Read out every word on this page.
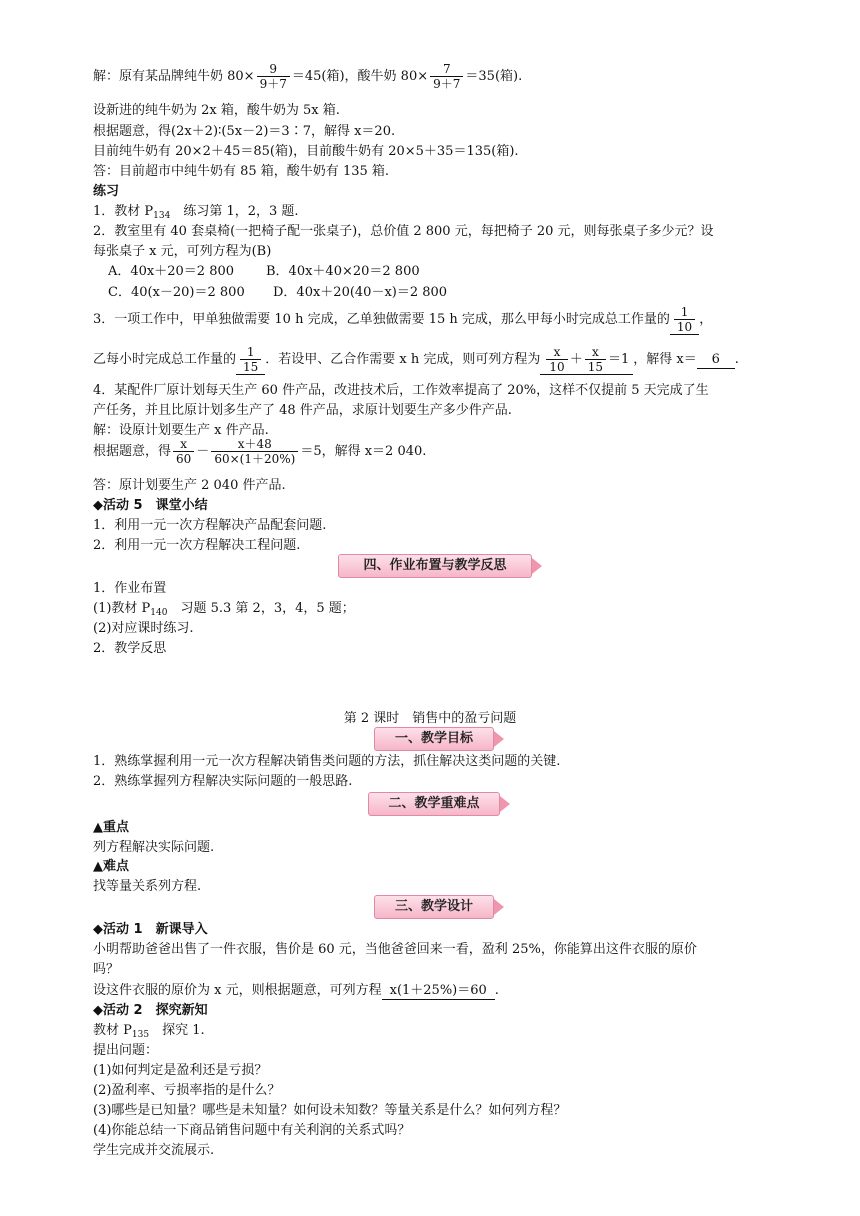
解：原有某品牌纯牛奶 $80\times \frac{9}{9+7} =45$(箱)，酸牛奶 $80\times \frac{7}{9+7} =35$(箱).
设新进的纯牛奶为 2x 箱，酸牛奶为 5x 箱.
根据题意，得(2x＋2)∶(5x－2)＝3∶7，解得 x＝20.
目前纯牛奶有 20×2＋45＝85(箱)，目前酸牛奶有 20×5＋35＝135(箱).
答：目前超市中纯牛奶有 85 箱，酸牛奶有 135 箱.
练习
1．教材 $P_{134}$　练习第 1，2，3 题.
2．教室里有 40 套桌椅(一把椅子配一张桌子)，总价值 2 800 元，每把椅子 20 元，则每张桌子多少元？设
每张桌子 x 元，可列方程为(B)
A．40x＋20＝2 800 B．40x＋40×20＝2 800
C．40(x－20)＝2 800 D．40x＋20(40－x)＝2 800
3．一项工作中，甲单独做需要 10 h 完成，乙单独做需要 15 h 完成，那么甲每小时完成总工作量的 $\frac{1}{10}$ ，
乙每小时完成总工作量的 $\frac{1}{15}$ ．若设甲、乙合作需要 x h 完成，则可列方程为 $\frac{x}{10} + \frac{x}{15} =1$ ，解得 x＝ 6 .
4．某配件厂原计划每天生产 60 件产品，改进技术后，工作效率提高了 20%，这样不仅提前 5 天完成了生
产任务，并且比原计划多生产了 48 件产品，求原计划要生产多少件产品.
解：设原计划要生产 x 件产品.
根据题意，得 $\frac{x}{60} - \frac{x+48}{60\times(1+20\%)} =5$，解得 x＝2 040.
答：原计划要生产 2 040 件产品.
◆活动 5　课堂小结
1．利用一元一次方程解决产品配套问题.
2．利用一元一次方程解决工程问题.
四、作业布置与教学反思
1．作业布置
(1)教材 $P_{140}$　习题 5.3 第 2，3，4，5 题；
(2)对应课时练习.
2．教学反思
第 2 课时　销售中的盈亏问题
一、教学目标
1．熟练掌握利用一元一次方程解决销售类问题的方法，抓住解决这类问题的关键.
2．熟练掌握列方程解决实际问题的一般思路.
二、教学重难点
▲重点
列方程解决实际问题.
▲难点
找等量关系列方程.
三、教学设计
◆活动 1　新课导入
小明帮助爸爸出售了一件衣服，售价是 60 元，当他爸爸回来一看，盈利 25%，你能算出这件衣服的原价
吗？
设这件衣服的原价为 x 元，则根据题意，可列方程 x(1＋25%)＝60 .
◆活动 2　探究新知
教材 $P_{135}$　探究 1.
提出问题：
(1)如何判定是盈利还是亏损？
(2)盈利率、亏损率指的是什么？
(3)哪些是已知量？哪些是未知量？如何设未知数？等量关系是什么？如何列方程？
(4)你能总结一下商品销售问题中有关利润的关系式吗？
学生完成并交流展示.
